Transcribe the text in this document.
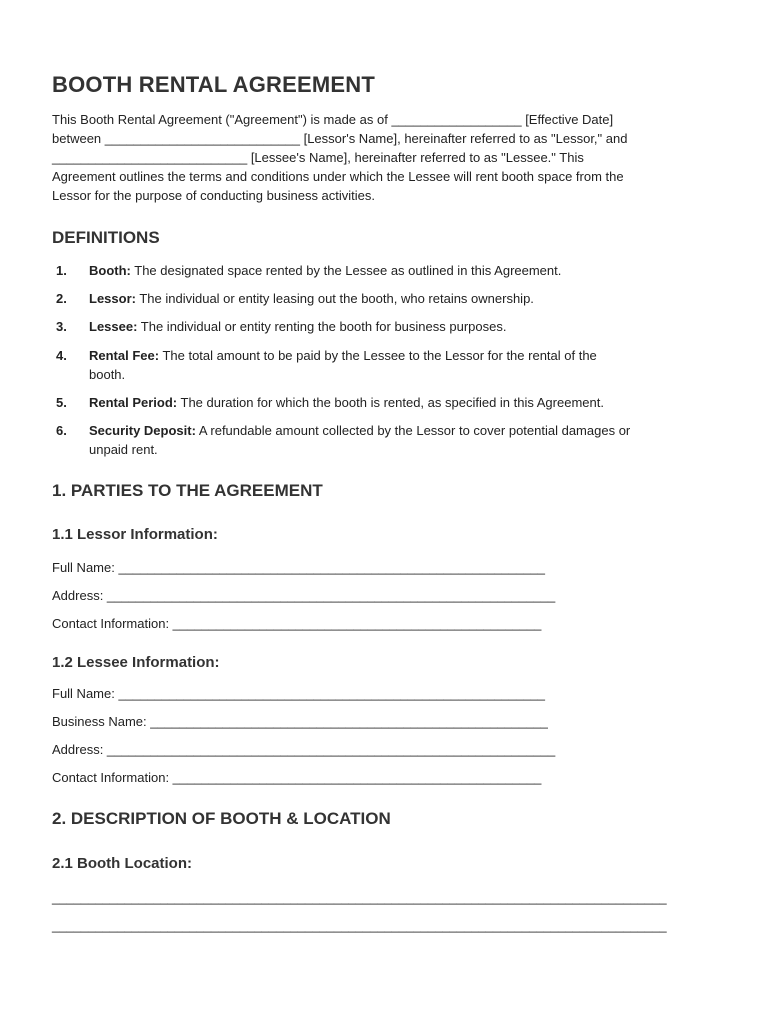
BOOTH RENTAL AGREEMENT
This Booth Rental Agreement ("Agreement") is made as of __________________ [Effective Date]
between ___________________________ [Lessor's Name], hereinafter referred to as "Lessor," and
___________________________ [Lessee's Name], hereinafter referred to as "Lessee." This
Agreement outlines the terms and conditions under which the Lessee will rent booth space from the
Lessor for the purpose of conducting business activities.
DEFINITIONS
1. Booth: The designated space rented by the Lessee as outlined in this Agreement.
2. Lessor: The individual or entity leasing out the booth, who retains ownership.
3. Lessee: The individual or entity renting the booth for business purposes.
4. Rental Fee: The total amount to be paid by the Lessee to the Lessor for the rental of the
booth.
5. Rental Period: The duration for which the booth is rented, as specified in this Agreement.
6. Security Deposit: A refundable amount collected by the Lessor to cover potential damages or
unpaid rent.
1. PARTIES TO THE AGREEMENT
1.1 Lessor Information:
Full Name: ___________________________________________________________
Address: ______________________________________________________________
Contact Information: ___________________________________________________
1.2 Lessee Information:
Full Name: ___________________________________________________________
Business Name: _______________________________________________________
Address: ______________________________________________________________
Contact Information: ___________________________________________________
2. DESCRIPTION OF BOOTH & LOCATION
2.1 Booth Location:
_____________________________________________________________________________________
_____________________________________________________________________________________
